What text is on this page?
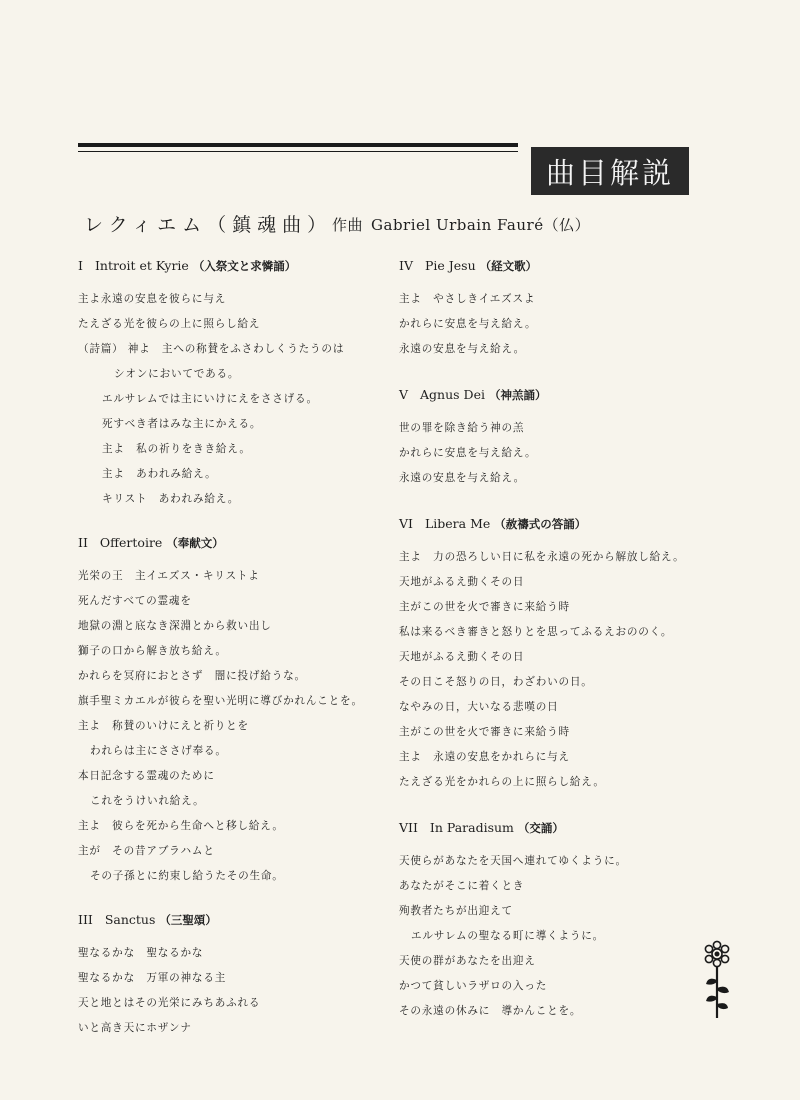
曲目解説
レクィエム（鎮魂曲） 作曲 Gabriel Urbain Fauré（仏）
I Introit et Kyrie （入祭文と求憐誦）
主よ永遠の安息を彼らに与え
たえざる光を彼らの上に照らし給え
（詩篇） 神よ　主への称賛をふさわしくうたうのは
シオンにおいてである。
エルサレムでは主にいけにえをささげる。
死すべき者はみな主にかえる。
主よ　私の祈りをきき給え。
主よ　あわれみ給え。
キリスト　あわれみ給え。
II Offertoire （奉献文）
光栄の王　主イエズス・キリストよ
死んだすべての霊魂を
地獄の淵と底なき深淵とから救い出し
獅子の口から解き放ち給え。
かれらを冥府におとさず　闇に投げ給うな。
旗手聖ミカエルが彼らを聖い光明に導びかれんことを。
主よ　称賛のいけにえと祈りとを
われらは主にささげ奉る。
本日記念する霊魂のために
これをうけいれ給え。
主よ　彼らを死から生命へと移し給え。
主が　その昔アブラハムと
その子孫とに約束し給うたその生命。
III Sanctus （三聖頌）
聖なるかな　聖なるかな
聖なるかな　万軍の神なる主
天と地とはその光栄にみちあふれる
いと高き天にホザンナ
IV Pie Jesu （経文歌）
主よ　やさしきイエズスよ
かれらに安息を与え給え。
永遠の安息を与え給え。
V Agnus Dei （神羔誦）
世の罪を除き給う神の羔
かれらに安息を与え給え。
永遠の安息を与え給え。
VI Libera Me （赦禱式の答誦）
主よ　力の恐ろしい日に私を永遠の死から解放し給え。
天地がふるえ動くその日
主がこの世を火で審きに来給う時
私は来るべき審きと怒りとを思ってふるえおののく。
天地がふるえ動くその日
その日こそ怒りの日，わざわいの日。
なやみの日，大いなる悲嘆の日
主がこの世を火で審きに来給う時
主よ　永遠の安息をかれらに与え
たえざる光をかれらの上に照らし給え。
VII In Paradisum （交誦）
天使らがあなたを天国へ連れてゆくように。
あなたがそこに着くとき
殉教者たちが出迎えて
エルサレムの聖なる町に導くように。
天使の群があなたを出迎え
かつて貧しいラザロの入った
その永遠の休みに　導かんことを。
